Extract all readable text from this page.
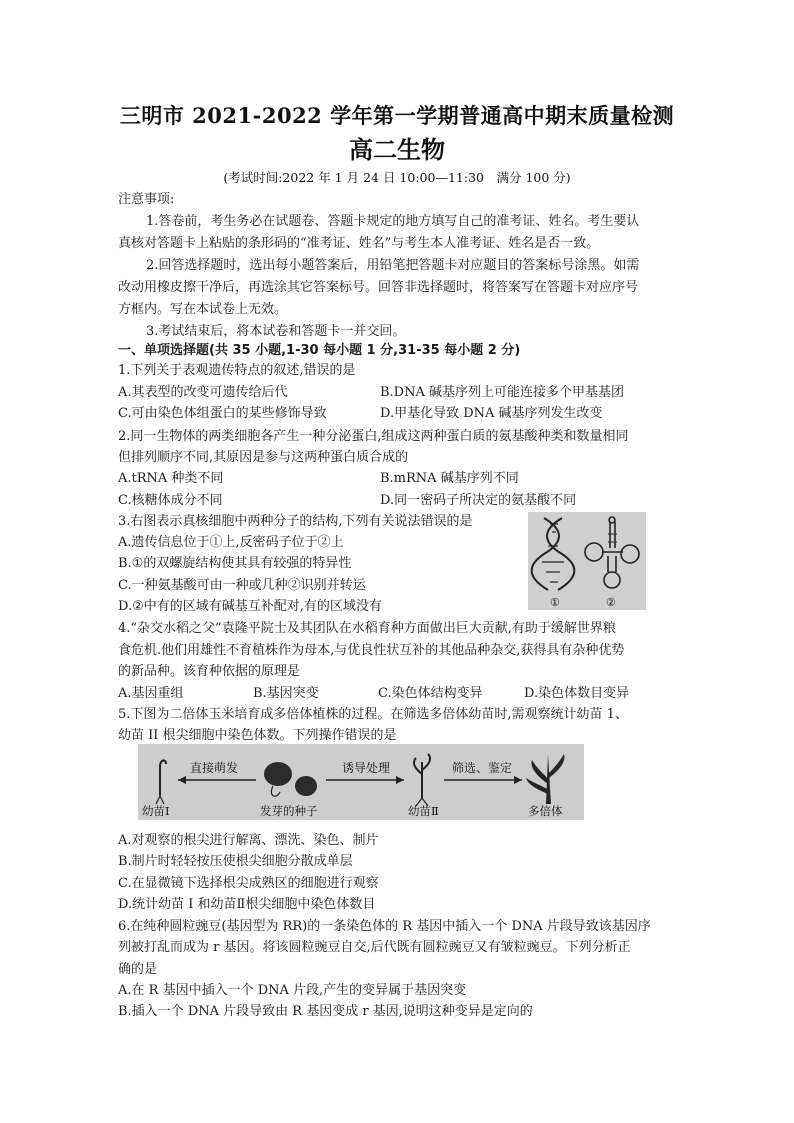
三明市 2021-2022 学年第一学期普通高中期末质量检测
高二生物
(考试时间:2022 年 1 月 24 日 10:00—11:30　满分 100 分)
注意事项:
1.答卷前，考生务必在试题卷、答题卡规定的地方填写自己的准考证、姓名。考生要认
真核对答题卡上粘贴的条形码的“准考证、姓名”与考生本人准考证、姓名是否一致。
2.回答选择题时，选出每小题答案后，用铅笔把答题卡对应题目的答案标号涂黑。如需
改动用橡皮擦干净后，再选涂其它答案标号。回答非选择题时，将答案写在答题卡对应序号
方框内。写在本试卷上无效。
3.考试结束后，将本试卷和答题卡一并交回。
一、单项选择题(共 35 小题,1-30 每小题 1 分,31-35 每小题 2 分)
1.下列关于表观遗传特点的叙述,错误的是
A.其表型的改变可遗传给后代	B.DNA 碱基序列上可能连接多个甲基基团
C.可由染色体组蛋白的某些修饰导致	D.甲基化导致 DNA 碱基序列发生改变
2.同一生物体的两类细胞各产生一种分泌蛋白,组成这两种蛋白质的氨基酸种类和数量相同
但排列顺序不同,其原因是参与这两种蛋白质合成的
A.tRNA 种类不同	B.mRNA 碱基序列不同
C.核糖体成分不同	D.同一密码子所决定的氨基酸不同
3.右图表示真核细胞中两种分子的结构,下列有关说法错误的是
A.遗传信息位于①上,反密码子位于②上
B.①的双螺旋结构使其具有较强的特异性
C.一种氨基酸可由一种或几种②识别并转运
D.②中有的区域有碱基互补配对,有的区域没有	①	②
4.“杂交水稻之父”袁隆平院士及其团队在水稻育种方面做出巨大贡献,有助于缓解世界粮
食危机.他们用雄性不育植株作为母本,与优良性状互补的其他品种杂交,获得具有杂种优势
的新品种。该育种依据的原理是
A.基因重组	B.基因突变	C.染色体结构变异	D.染色体数目变异
5.下图为二倍体玉米培育成多倍体植株的过程。在筛选多倍体幼苗时,需观察统计幼苗 1、
幼苗 II 根尖细胞中染色体数。下列操作错误的是
直接萌发	诱导处理	筛选、鉴定
幼苗I	发芽的种子	幼苗Ⅱ	多倍体
A.对观察的根尖进行解离、漂洗、染色、制片
B.制片时轻轻按压使根尖细胞分散成单层
C.在显微镜下选择根尖成熟区的细胞进行观察
D.统计幼苗 I 和幼苗Ⅱ根尖细胞中染色体数目
6.在纯种圆粒豌豆(基因型为 RR)的一条染色体的 R 基因中插入一个 DNA 片段导致该基因序
列被打乱而成为 r 基因。将该圆粒豌豆自交,后代既有圆粒豌豆又有皱粒豌豆。下列分析正
确的是
A.在 R 基因中插入一个 DNA 片段,产生的变异属于基因突变
B.插入一个 DNA 片段导致由 R 基因变成 r 基因,说明这种变异是定向的
